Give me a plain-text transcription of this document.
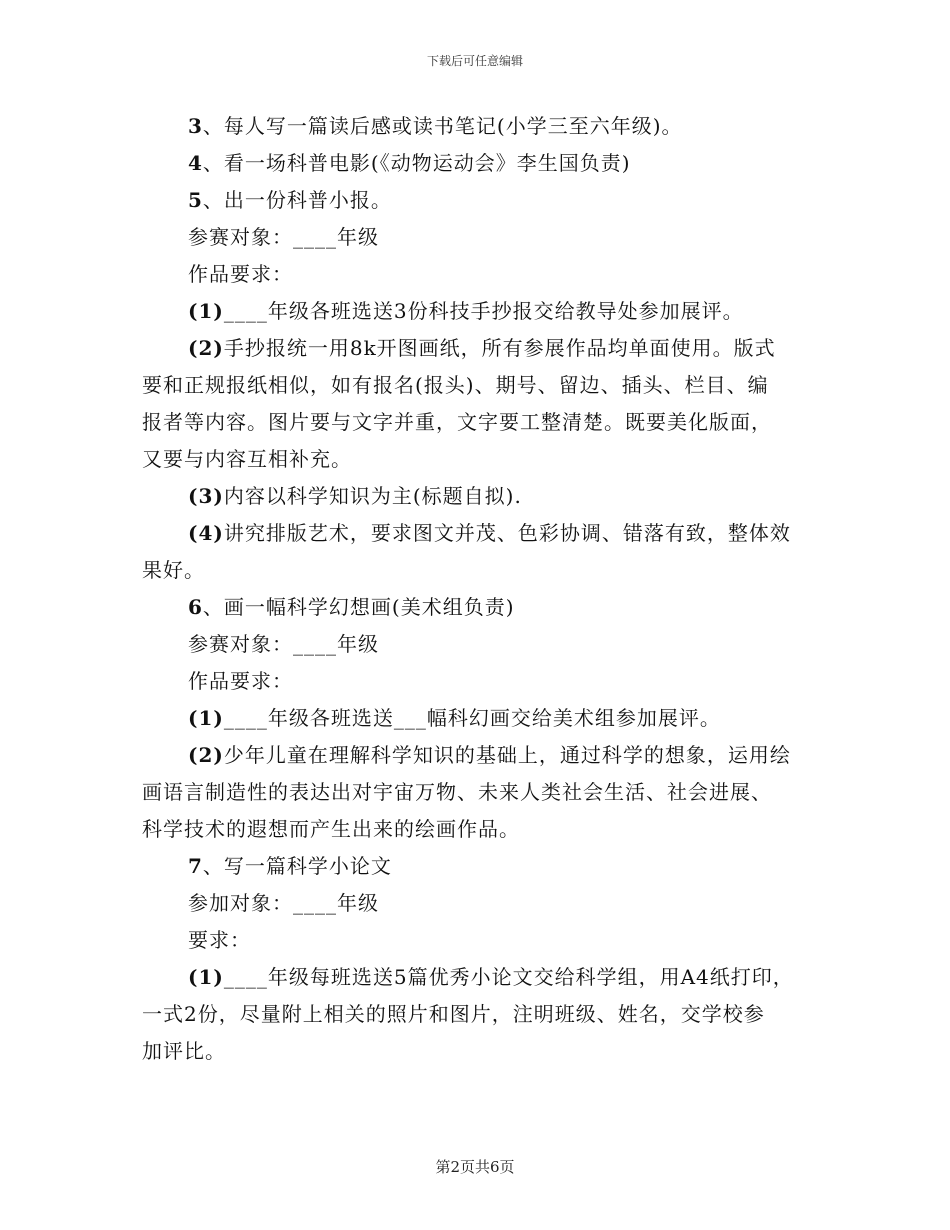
下载后可任意编辑
3、每人写一篇读后感或读书笔记(小学三至六年级)。
4、看一场科普电影(《动物运动会》李生国负责)
5、出一份科普小报。
参赛对象：____年级
作品要求：
(1)____年级各班选送3份科技手抄报交给教导处参加展评。
(2)手抄报统一用8k开图画纸，所有参展作品均单面使用。版式
要和正规报纸相似，如有报名(报头)、期号、留边、插头、栏目、编
报者等内容。图片要与文字并重，文字要工整清楚。既要美化版面，
又要与内容互相补充。
(3)内容以科学知识为主(标题自拟).
(4)讲究排版艺术，要求图文并茂、色彩协调、错落有致，整体效
果好。
6、画一幅科学幻想画(美术组负责)
参赛对象：____年级
作品要求：
(1)____年级各班选送___幅科幻画交给美术组参加展评。
(2)少年儿童在理解科学知识的基础上，通过科学的想象，运用绘
画语言制造性的表达出对宇宙万物、未来人类社会生活、社会进展、
科学技术的遐想而产生出来的绘画作品。
7、写一篇科学小论文
参加对象：____年级
要求：
(1)____年级每班选送5篇优秀小论文交给科学组，用A4纸打印，
一式2份，尽量附上相关的照片和图片，注明班级、姓名，交学校参
加评比。
第2页共6页
